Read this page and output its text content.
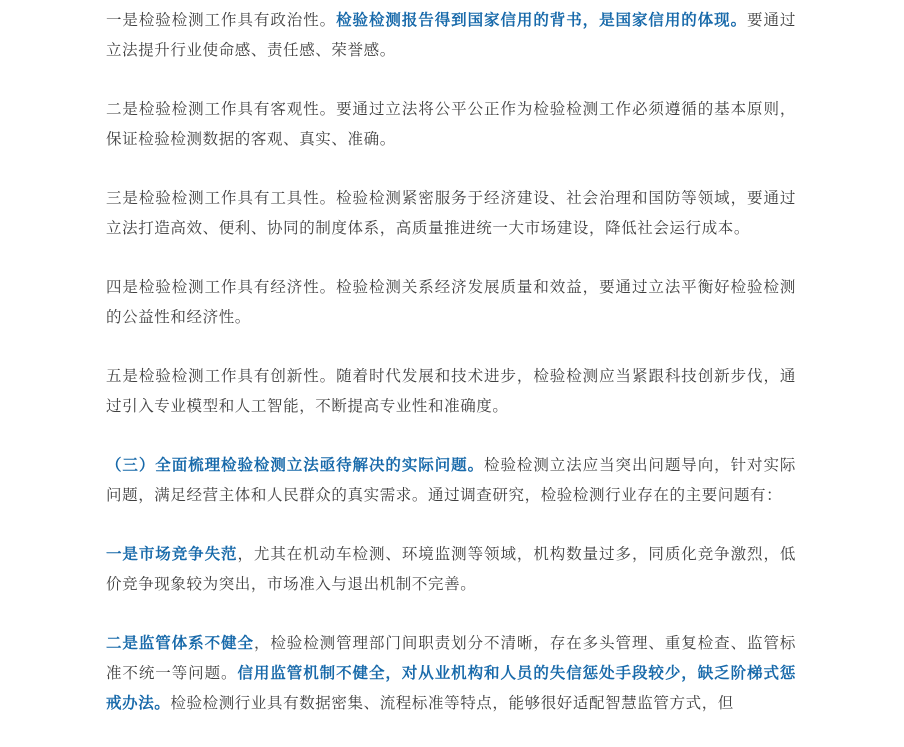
一是检验检测工作具有政治性。检验检测报告得到国家信用的背书，是国家信用的体现。要通过立法提升行业使命感、责任感、荣誉感。

二是检验检测工作具有客观性。要通过立法将公平公正作为检验检测工作必须遵循的基本原则，保证检验检测数据的客观、真实、准确。

三是检验检测工作具有工具性。检验检测紧密服务于经济建设、社会治理和国防等领域，要通过立法打造高效、便利、协同的制度体系，高质量推进统一大市场建设，降低社会运行成本。

四是检验检测工作具有经济性。检验检测关系经济发展质量和效益，要通过立法平衡好检验检测的公益性和经济性。

五是检验检测工作具有创新性。随着时代发展和技术进步，检验检测应当紧跟科技创新步伐，通过引入专业模型和人工智能，不断提高专业性和准确度。

（三）全面梳理检验检测立法亟待解决的实际问题。检验检测立法应当突出问题导向，针对实际问题，满足经营主体和人民群众的真实需求。通过调查研究，检验检测行业存在的主要问题有：

一是市场竞争失范，尤其在机动车检测、环境监测等领域，机构数量过多，同质化竞争激烈，低价竞争现象较为突出，市场准入与退出机制不完善。

二是监管体系不健全，检验检测管理部门间职责划分不清晰，存在多头管理、重复检查、监管标准不统一等问题。信用监管机制不健全，对从业机构和人员的失信惩处手段较少，缺乏阶梯式惩戒办法。检验检测行业具有数据密集、流程标准等特点，能够很好适配智慧监管方式，但
